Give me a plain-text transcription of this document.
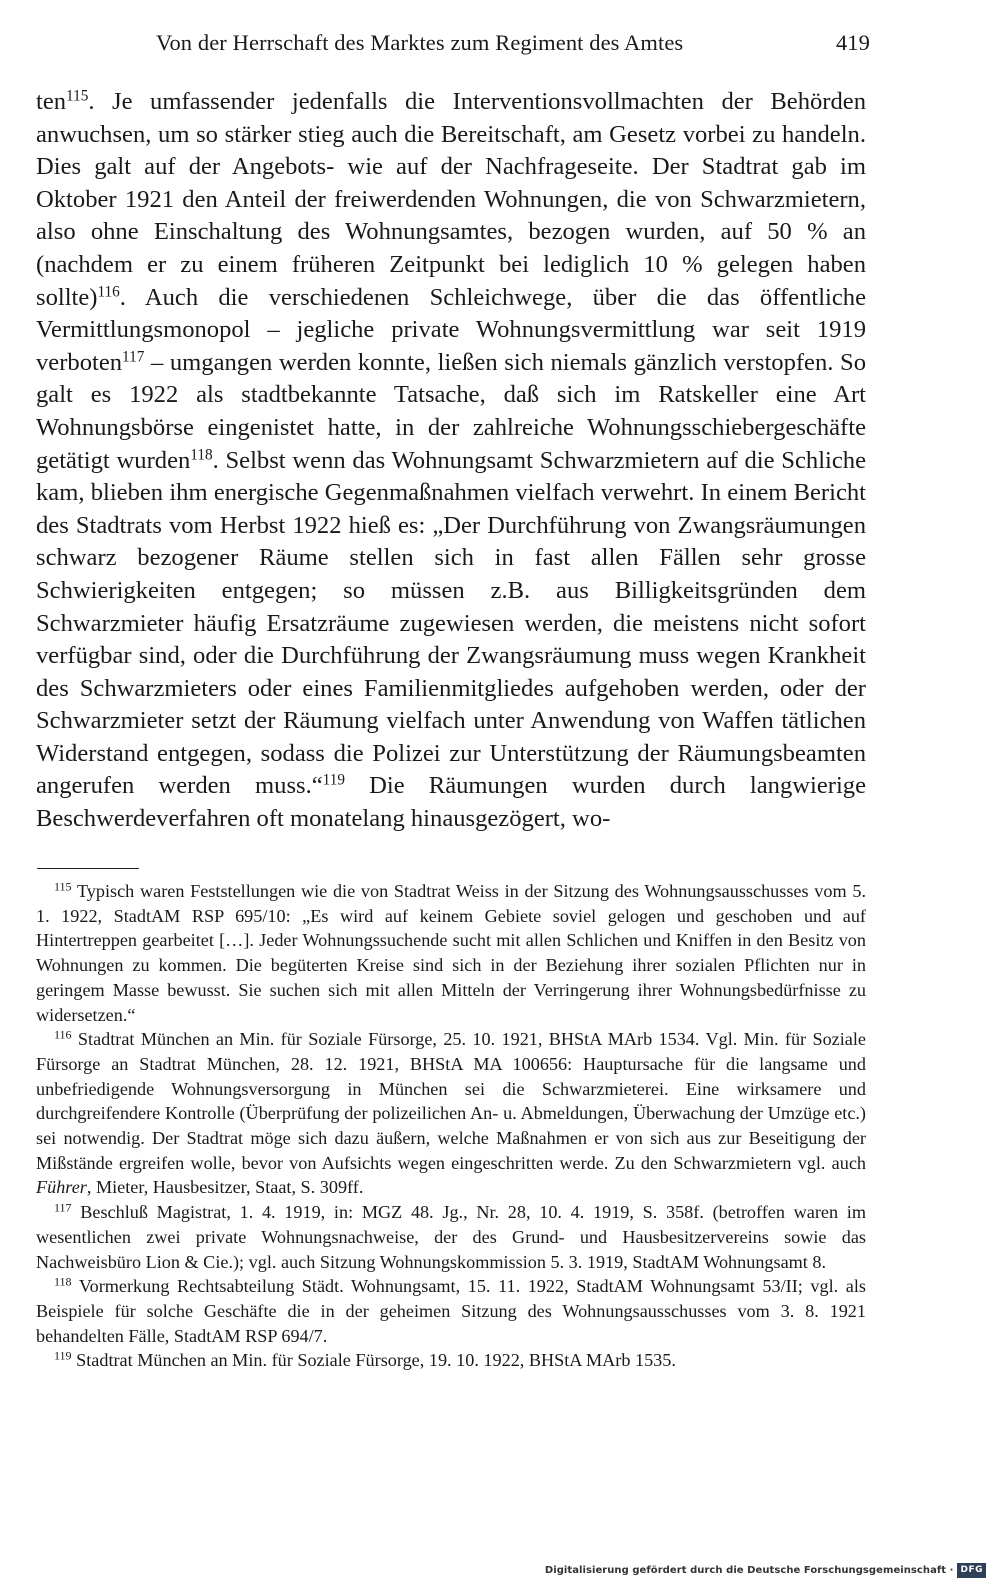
Von der Herrschaft des Marktes zum Regiment des Amtes	419

ten$^{115}$. Je umfassender jedenfalls die Interventionsvollmachten der Behörden anwuchsen, um so stärker stieg auch die Bereitschaft, am Gesetz vorbei zu handeln. Dies galt auf der Angebots- wie auf der Nachfrageseite. Der Stadtrat gab im Oktober 1921 den Anteil der freiwerdenden Wohnungen, die von Schwarzmietern, also ohne Einschaltung des Wohnungsamtes, bezogen wurden, auf 50 % an (nachdem er zu einem früheren Zeitpunkt bei lediglich 10 % gelegen haben sollte)$^{116}$. Auch die verschiedenen Schleichwege, über die das öffentliche Vermittlungsmonopol – jegliche private Wohnungsvermittlung war seit 1919 verboten$^{117}$ – umgangen werden konnte, ließen sich niemals gänzlich verstopfen. So galt es 1922 als stadtbekannte Tatsache, daß sich im Ratskeller eine Art Wohnungsbörse eingenistet hatte, in der zahlreiche Wohnungsschiebergeschäfte getätigt wurden$^{118}$. Selbst wenn das Wohnungsamt Schwarzmietern auf die Schliche kam, blieben ihm energische Gegenmaßnahmen vielfach verwehrt. In einem Bericht des Stadtrats vom Herbst 1922 hieß es: „Der Durchführung von Zwangsräumungen schwarz bezogener Räume stellen sich in fast allen Fällen sehr grosse Schwierigkeiten entgegen; so müssen z.B. aus Billigkeitsgründen dem Schwarzmieter häufig Ersatzräume zugewiesen werden, die meistens nicht sofort verfügbar sind, oder die Durchführung der Zwangsräumung muss wegen Krankheit des Schwarzmieters oder eines Familienmitgliedes aufgehoben werden, oder der Schwarzmieter setzt der Räumung vielfach unter Anwendung von Waffen tätlichen Widerstand entgegen, sodass die Polizei zur Unterstützung der Räumungsbeamten angerufen werden muss.“$^{119}$ Die Räumungen wurden durch langwierige Beschwerdeverfahren oft monatelang hinausgezögert, wo-

$^{115}$ Typisch waren Feststellungen wie die von Stadtrat Weiss in der Sitzung des Wohnungsausschusses vom 5. 1. 1922, StadtAM RSP 695/10: „Es wird auf keinem Gebiete soviel gelogen und geschoben und auf Hintertreppen gearbeitet […]. Jeder Wohnungssuchende sucht mit allen Schlichen und Kniffen in den Besitz von Wohnungen zu kommen. Die begüterten Kreise sind sich in der Beziehung ihrer sozialen Pflichten nur in geringem Masse bewusst. Sie suchen sich mit allen Mitteln der Verringerung ihrer Wohnungsbedürfnisse zu widersetzen.“

$^{116}$ Stadtrat München an Min. für Soziale Fürsorge, 25. 10. 1921, BHStA MArb 1534. Vgl. Min. für Soziale Fürsorge an Stadtrat München, 28. 12. 1921, BHStA MA 100656: Hauptursache für die langsame und unbefriedigende Wohnungsversorgung in München sei die Schwarzmieterei. Eine wirksamere und durchgreifendere Kontrolle (Überprüfung der polizeilichen An- u. Abmeldungen, Überwachung der Umzüge etc.) sei notwendig. Der Stadtrat möge sich dazu äußern, welche Maßnahmen er von sich aus zur Beseitigung der Mißstände ergreifen wolle, bevor von Aufsichts wegen eingeschritten werde. Zu den Schwarzmietern vgl. auch Führer, Mieter, Hausbesitzer, Staat, S. 309ff.

$^{117}$ Beschluß Magistrat, 1. 4. 1919, in: MGZ 48. Jg., Nr. 28, 10. 4. 1919, S. 358f. (betroffen waren im wesentlichen zwei private Wohnungsnachweise, der des Grund- und Hausbesitzervereins sowie das Nachweisbüro Lion & Cie.); vgl. auch Sitzung Wohnungskommission 5. 3. 1919, StadtAM Wohnungsamt 8.

$^{118}$ Vormerkung Rechtsabteilung Städt. Wohnungsamt, 15. 11. 1922, StadtAM Wohnungsamt 53/II; vgl. als Beispiele für solche Geschäfte die in der geheimen Sitzung des Wohnungsausschusses vom 3. 8. 1921 behandelten Fälle, StadtAM RSP 694/7.

$^{119}$ Stadtrat München an Min. für Soziale Fürsorge, 19. 10. 1922, BHStA MArb 1535.

Digitalisierung gefördert durch die Deutsche Forschungsgemeinschaft · DFG
